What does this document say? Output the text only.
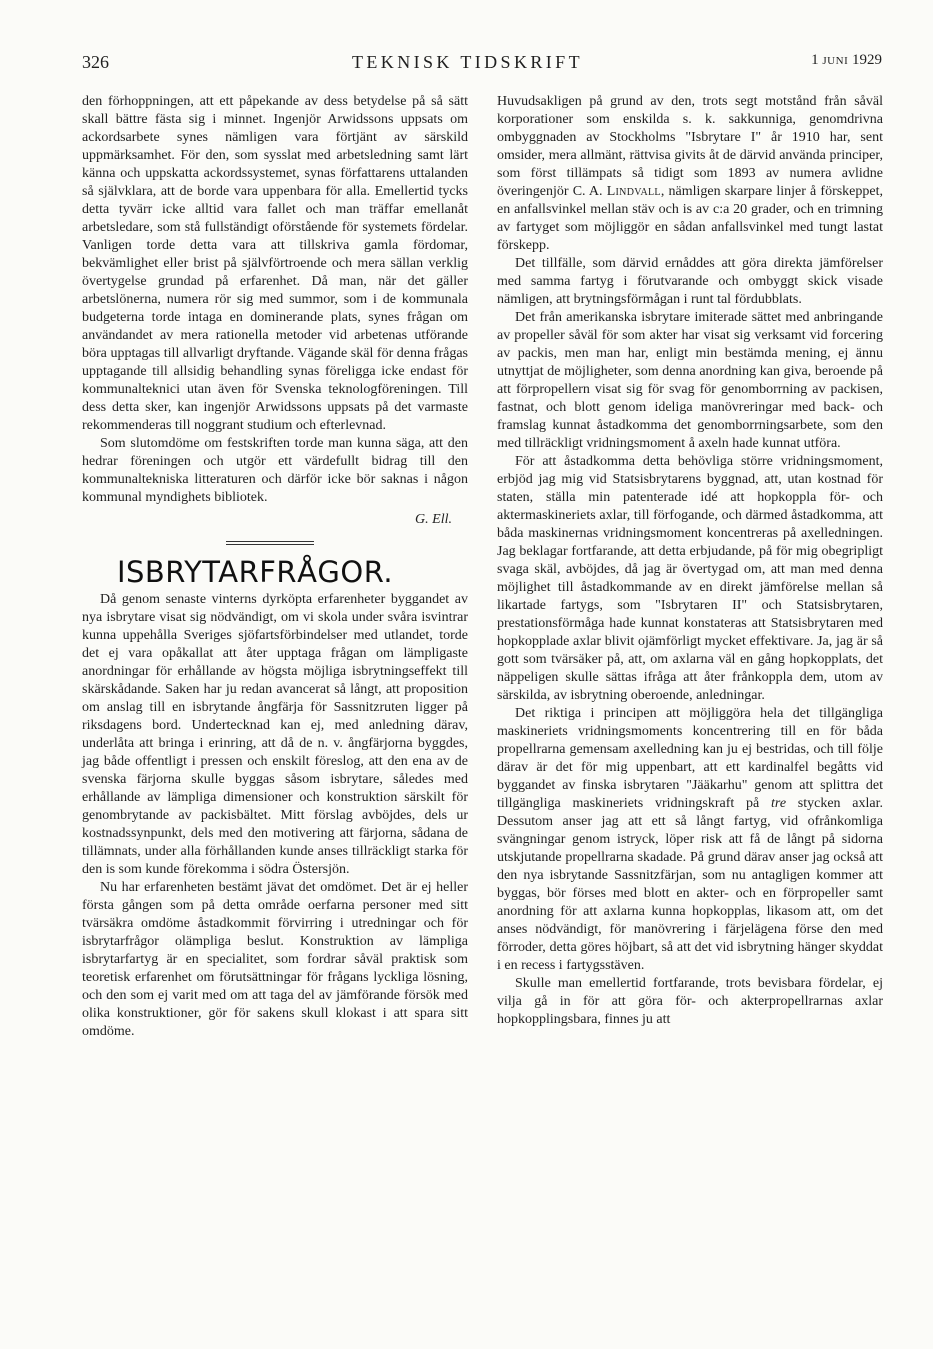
326	TEKNISK TIDSKRIFT	1 JUNI 1929

den förhoppningen, att ett påpekande av dess betydelse på så sätt skall bättre fästa sig i minnet. Ingenjör Arwidssons uppsats om ackordsarbete synes nämligen vara förtjänt av särskild uppmärksamhet. För den, som sysslat med arbetsledning samt lärt känna och uppskatta ackordssystemet, synas författarens uttalanden så självklara, att de borde vara uppenbara för alla. Emellertid tycks detta tyvärr icke alltid vara fallet och man träffar emellanåt arbetsledare, som stå fullständigt oförstående för systemets fördelar. Vanligen torde detta vara att tillskriva gamla fördomar, bekvämlighet eller brist på självförtroende och mera sällan verklig övertygelse grundad på erfarenhet. Då man, när det gäller arbetslönerna, numera rör sig med summor, som i de kommunala budgeterna torde intaga en dominerande plats, synes frågan om användandet av mera rationella metoder vid arbetenas utförande böra upptagas till allvarligt dryftande. Vägande skäl för denna frågas upptagande till allsidig behandling synas föreligga icke endast för kommunaltekniсi utan även för Svenska teknologföreningen. Till dess detta sker, kan ingenjör Arwidssons uppsats på det varmaste rekommenderas till noggrant studium och efterlevnad.

Som slutomdöme om festskriften torde man kunna säga, att den hedrar föreningen och utgör ett värdefullt bidrag till den kommunaltekniska litteraturen och därför icke bör saknas i någon kommunal myndighets bibliotek.

G. Ell.

ISBRYTARFRÅGOR.

Då genom senaste vinterns dyrköpta erfarenheter byggandet av nya isbrytare visat sig nödvändigt, om vi skola under svåra isvintrar kunna uppehålla Sveriges sjöfartsförbindelser med utlandet, torde det ej vara opåkallat att åter upptaga frågan om lämpligaste anordningar för erhållande av högsta möjliga isbrytningseffekt till skärskådande. Saken har ju redan avancerat så långt, att proposition om anslag till en isbrytande ångfärja för Sassnitzruten ligger på riksdagens bord. Undertecknad kan ej, med anledning därav, underlåta att bringa i erinring, att då de n. v. ångfärjorna byggdes, jag både offentligt i pressen och enskilt föreslog, att den ena av de svenska färjorna skulle byggas såsom isbrytare, således med erhållande av lämpliga dimensioner och konstruktion särskilt för genombrytande av packisbältet. Mitt förslag avböjdes, dels ur kostnadssynpunkt, dels med den motivering att färjorna, sådana de tillämnats, under alla förhållanden kunde anses tillräckligt starka för den is som kunde förekomma i södra Östersjön.

Nu har erfarenheten bestämt jävat det omdömet. Det är ej heller första gången som på detta område oerfarna personer med sitt tvärsäkra omdöme åstadkommit förvirring i utredningar och för isbrytarfrågor olämpliga beslut. Konstruktion av lämpliga isbrytarfartyg är en specialitet, som fordrar såväl praktisk som teoretisk erfarenhet om förutsättningar för frågans lyckliga lösning, och den som ej varit med om att taga del av jämförande försök med olika konstruktioner, gör för sakens skull klokast i att spara sitt omdöme.

Huvudsakligen på grund av den, trots segt motstånd från såväl korporationer som enskilda s. k. sakkunniga, genomdrivna ombyggnaden av Stockholms "Isbrytare I" år 1910 har, sent omsider, mera allmänt, rättvisa givits åt de därvid använda principer, som först tillämpats så tidigt som 1893 av numera avlidne överingenjör C. A. Lindvall, nämligen skarpare linjer å förskeppet, en anfallsvinkel mellan stäv och is av c:a 20 grader, och en trimning av fartyget som möjliggör en sådan anfallsvinkel med tungt lastat förskepp.

Det tillfälle, som därvid ernåddes att göra direkta jämförelser med samma fartyg i förutvarande och ombyggt skick visade nämligen, att brytningsförmågan i runt tal fördubblats.

Det från amerikanska isbrytare imiterade sättet med anbringande av propeller såväl för som akter har visat sig verksamt vid forcering av packis, men man har, enligt min bestämda mening, ej ännu utnyttjat de möjligheter, som denna anordning kan giva, beroende på att förpropellern visat sig för svag för genomborrning av packisen, fastnat, och blott genom ideliga manövreringar med back- och framslag kunnat åstadkomma det genomborrningsarbete, som den med tillräckligt vridningsmoment å axeln hade kunnat utföra.

För att åstadkomma detta behövliga större vridningsmoment, erbjöd jag mig vid Statsisbrytarens byggnad, att, utan kostnad för staten, ställa min patenterade idé att hopkoppla för- och aktermaskineriets axlar, till förfogande, och därmed åstadkomma, att båda maskinernas vridningsmoment koncentreras på axelledningen. Jag beklagar fortfarande, att detta erbjudande, på för mig obegripligt svaga skäl, avböjdes, då jag är övertygad om, att man med denna möjlighet till åstadkommande av en direkt jämförelse mellan så likartade fartygs, som "Isbrytaren II" och Statsisbrytaren, prestationsförmåga hade kunnat konstateras att Statsisbrytaren med hopkopplade axlar blivit ojämförligt mycket effektivare. Ja, jag är så gott som tvärsäker på, att, om axlarna väl en gång hopkopplats, det näppeligen skulle sättas ifråga att åter frånkoppla dem, utom av särskilda, av isbrytning oberoende, anledningar.

Det riktiga i principen att möjliggöra hela det tillgängliga maskineriets vridningsmoments koncentrering till en för båda propellrarna gemensam axelledning kan ju ej bestridas, och till följe därav är det för mig uppenbart, att ett kardinalfel begåtts vid byggandet av finska isbrytaren "Jääkarhu" genom att splittra det tillgängliga maskineriets vridningskraft på tre stycken axlar. Dessutom anser jag att ett så långt fartyg, vid ofrånkomliga svängningar genom istryck, löper risk att få de långt på sidorna utskjutande propellrarna skadade. På grund därav anser jag också att den nya isbrytande Sassnitzfärjan, som nu antagligen kommer att byggas, bör förses med blott en akter- och en förpropeller samt anordning för att axlarna kunna hopkopplas, likasom att, om det anses nödvändigt, för manövrering i färjelägena förse den med förroder, detta göres höjbart, så att det vid isbrytning hänger skyddat i en recess i fartygsstäven.

Skulle man emellertid fortfarande, trots bevisbara fördelar, ej vilja gå in för att göra för- och akterpropellrarnas axlar hopkopplingsbara, finnes ju att
